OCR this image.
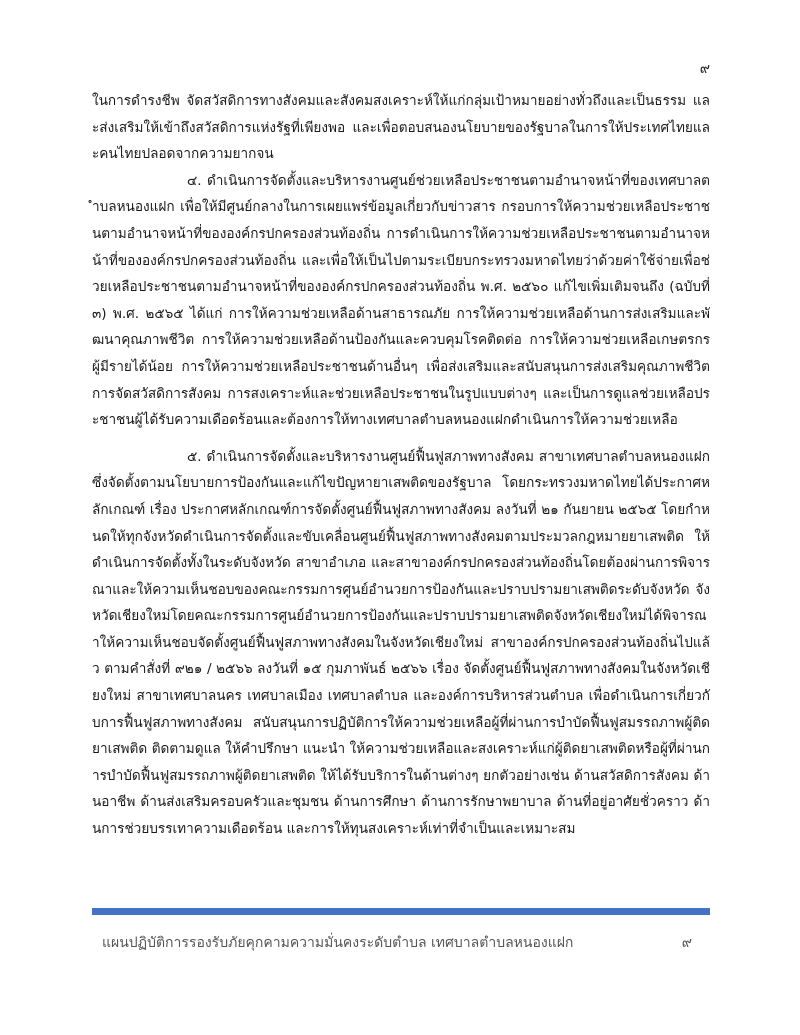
๙

ในการดำรงชีพ จัดสวัสดิการทางสังคมและสังคมสงเคราะห์ให้แก่กลุ่มเป้าหมายอย่างทั่วถึงและเป็นธรรม และส่งเสริมให้เข้าถึงสวัสดิการแห่งรัฐที่เพียงพอ และเพื่อตอบสนองนโยบายของรัฐบาลในการให้ประเทศไทยและคนไทยปลอดจากความยากจน

๔. ดำเนินการจัดตั้งและบริหารงานศูนย์ช่วยเหลือประชาชนตามอำนาจหน้าที่ของเทศบาลตำบลหนองแฝก เพื่อให้มีศูนย์กลางในการเผยแพร่ข้อมูลเกี่ยวกับข่าวสาร กรอบการให้ความช่วยเหลือประชาชนตามอำนาจหน้าที่ขององค์กรปกครองส่วนท้องถิ่น การดำเนินการให้ความช่วยเหลือประชาชนตามอำนาจหน้าที่ขององค์กรปกครองส่วนท้องถิ่น และเพื่อให้เป็นไปตามระเบียบกระทรวงมหาดไทยว่าด้วยค่าใช้จ่ายเพื่อช่วยเหลือประชาชนตามอำนาจหน้าที่ขององค์กรปกครองส่วนท้องถิ่น พ.ศ. ๒๕๖๐ แก้ไขเพิ่มเติมจนถึง (ฉบับที่๓) พ.ศ. ๒๕๖๕ ได้แก่ การให้ความช่วยเหลือด้านสาธารณภัย การให้ความช่วยเหลือด้านการส่งเสริมและพัฒนาคุณภาพชีวิต การให้ความช่วยเหลือด้านป้องกันและควบคุมโรคติดต่อ การให้ความช่วยเหลือเกษตรกรผู้มีรายได้น้อย การให้ความช่วยเหลือประชาชนด้านอื่นๆ เพื่อส่งเสริมและสนับสนุนการส่งเสริมคุณภาพชีวิต การจัดสวัสดิการสังคม การสงเคราะห์และช่วยเหลือประชาชนในรูปแบบต่างๆ และเป็นการดูแลช่วยเหลือประชาชนผู้ได้รับความเดือดร้อนและต้องการให้ทางเทศบาลตำบลหนองแฝกดำเนินการให้ความช่วยเหลือ

๕. ดำเนินการจัดตั้งและบริหารงานศูนย์ฟื้นฟูสภาพทางสังคม สาขาเทศบาลตำบลหนองแฝก ซึ่งจัดตั้งตามนโยบายการป้องกันและแก้ไขปัญหายาเสพติดของรัฐบาล โดยกระทรวงมหาดไทยได้ประกาศหลักเกณฑ์ เรื่อง ประกาศหลักเกณฑ์การจัดตั้งศูนย์ฟื้นฟูสภาพทางสังคม ลงวันที่ ๒๑ กันยายน ๒๕๖๕ โดยกำหนดให้ทุกจังหวัดดำเนินการจัดตั้งและขับเคลื่อนศูนย์ฟื้นฟูสภาพทางสังคมตามประมวลกฎหมายยาเสพติด ให้ดำเนินการจัดตั้งทั้งในระดับจังหวัด สาขาอำเภอ และสาขาองค์กรปกครองส่วนท้องถิ่นโดยต้องผ่านการพิจารณาและให้ความเห็นชอบของคณะกรรมการศูนย์อำนวยการป้องกันและปราบปรามยาเสพติดระดับจังหวัด จังหวัดเชียงใหม่โดยคณะกรรมการศูนย์อำนวยการป้องกันและปราบปรามยาเสพติดจังหวัดเชียงใหม่ได้พิจารณาให้ความเห็นชอบจัดตั้งศูนย์ฟื้นฟูสภาพทางสังคมในจังหวัดเชียงใหม่ สาขาองค์กรปกครองส่วนท้องถิ่นไปแล้ว ตามคำสั่งที่ ๙๒๑ / ๒๕๖๖ ลงวันที่ ๑๕ กุมภาพันธ์ ๒๕๖๖ เรื่อง จัดตั้งศูนย์ฟื้นฟูสภาพทางสังคมในจังหวัดเชียงใหม่ สาขาเทศบาลนคร เทศบาลเมือง เทศบาลตำบล และองค์การบริหารส่วนตำบล เพื่อดำเนินการเกี่ยวกับการฟื้นฟูสภาพทางสังคม สนับสนุนการปฏิบัติการให้ความช่วยเหลือผู้ที่ผ่านการบำบัดฟื้นฟูสมรรถภาพผู้ติดยาเสพติด ติดตามดูแล ให้คำปรึกษา แนะนำ ให้ความช่วยเหลือและสงเคราะห์แก่ผู้ติดยาเสพติดหรือผู้ที่ผ่านการบำบัดฟื้นฟูสมรรถภาพผู้ติดยาเสพติด ให้ได้รับบริการในด้านต่างๆ ยกตัวอย่างเช่น ด้านสวัสดิการสังคม ด้านอาชีพ ด้านส่งเสริมครอบครัวและชุมชน ด้านการศึกษา ด้านการรักษาพยาบาล ด้านที่อยู่อาศัยชั่วคราว ด้านการช่วยบรรเทาความเดือดร้อน และการให้ทุนสงเคราะห์เท่าที่จำเป็นและเหมาะสม

แผนปฏิบัติการรองรับภัยคุกคามความมั่นคงระดับตำบล เทศบาลตำบลหนองแฝก	๙
